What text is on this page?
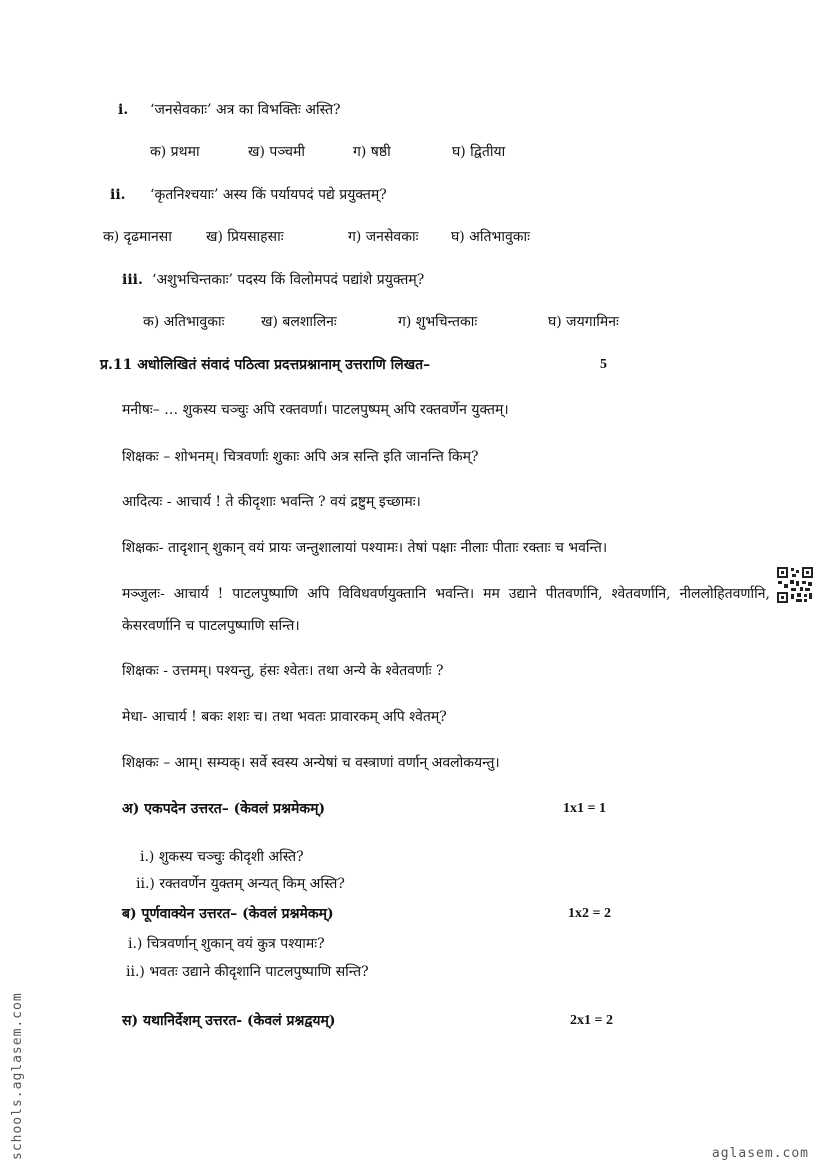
i. ‘जनसेवकाः’ अत्र का विभक्तिः अस्ति?
क) प्रथमा	ख) पञ्चमी	ग) षष्ठी	घ) द्वितीया
ii. ‘कृतनिश्चयाः’ अस्य किं पर्यायपदं पद्ये प्रयुक्तम्?
क) दृढमानसा ख) प्रियसाहसाः	ग) जनसेवकाः घ) अतिभावुकाः
iii. ‘अशुभचिन्तकाः’ पदस्य किं विलोमपदं पद्यांशे प्रयुक्तम्?
क) अतिभावुकाः	ख) बलशालिनः	ग) शुभचिन्तकाः	घ) जयगामिनः
प्र.11 अधोलिखितं संवादं पठित्वा प्रदत्तप्रश्नानाम् उत्तराणि लिखत–	5
मनीषः– … शुकस्य चञ्चुः अपि रक्तवर्णा। पाटलपुष्पम् अपि रक्तवर्णेन युक्तम्।
शिक्षकः – शोभनम्। चित्रवर्णाः शुकाः अपि अत्र सन्ति इति जानन्ति किम्?
आदित्यः - आचार्य ! ते कीदृशाः भवन्ति ? वयं द्रष्टुम् इच्छामः।
शिक्षकः- तादृशान् शुकान् वयं प्रायः जन्तुशालायां पश्यामः। तेषां पक्षाः नीलाः पीताः रक्ताः च भवन्ति।
मञ्जुलः- आचार्य ! पाटलपुष्पाणि अपि विविधवर्णयुक्तानि भवन्ति। मम उद्याने पीतवर्णानि, श्वेतवर्णानि, नीललोहितवर्णानि, केसरवर्णानि च पाटलपुष्पाणि सन्ति।
शिक्षकः - उत्तमम्। पश्यन्तु, हंसः श्वेतः। तथा अन्ये के श्वेतवर्णाः ?
मेधा- आचार्य ! बकः शशः च। तथा भवतः प्रावारकम् अपि श्वेतम्?
शिक्षकः – आम्। सम्यक्। सर्वे स्वस्य अन्येषां च वस्त्राणां वर्णान् अवलोकयन्तु।
अ) एकपदेन उत्तरत– (केवलं प्रश्नमेकम्)	1x1 = 1
i.) शुकस्य चञ्चुः कीदृशी अस्ति?
ii.) रक्तवर्णेन युक्तम् अन्यत् किम् अस्ति?
ब) पूर्णवाक्येन उत्तरत– (केवलं प्रश्नमेकम्)	1x2 = 2
i.) चित्रवर्णान् शुकान् वयं कुत्र पश्यामः?
ii.) भवतः उद्याने कीदृशानि पाटलपुष्पाणि सन्ति?
स) यथानिर्देशम् उत्तरत- (केवलं प्रश्नद्वयम्)	2x1 = 2
schools.aglasem.com	aglasem.com
